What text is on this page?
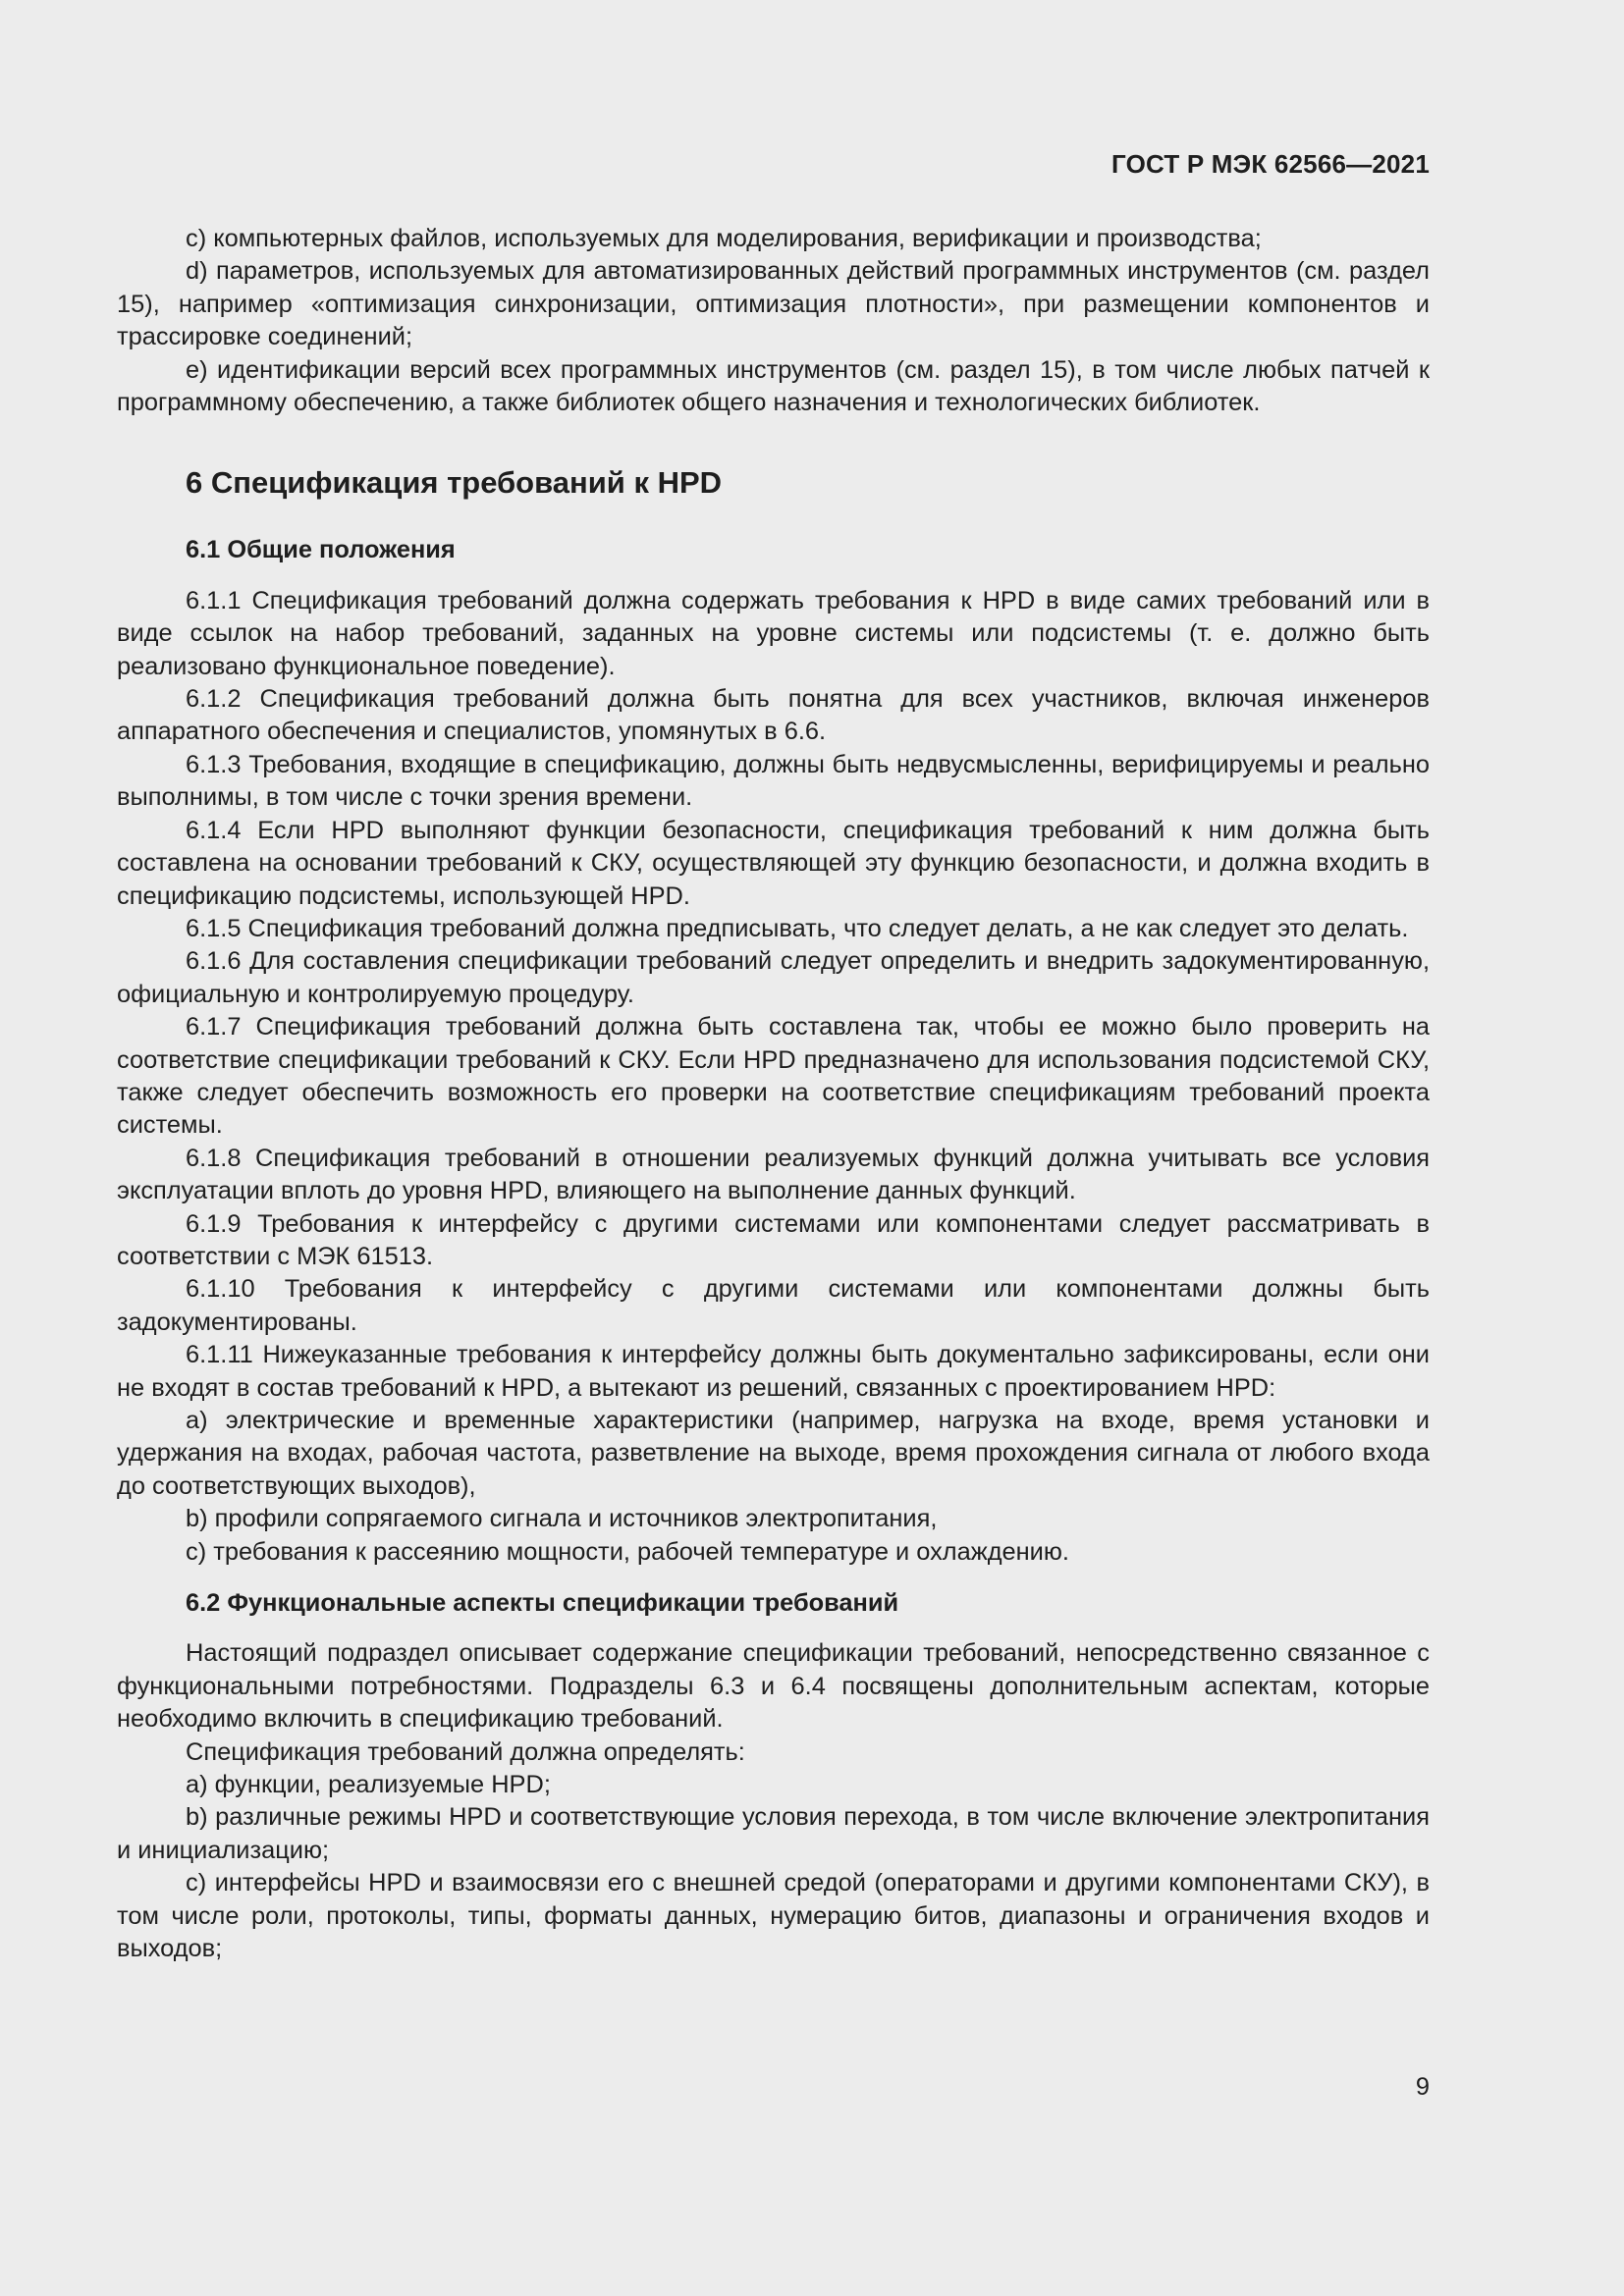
ГОСТ Р МЭК 62566—2021

с) компьютерных файлов, используемых для моделирования, верификации и производства;

d) параметров, используемых для автоматизированных действий программных инструментов (см. раздел 15), например «оптимизация синхронизации, оптимизация плотности», при размещении компонентов и трассировке соединений;

е) идентификации версий всех программных инструментов (см. раздел 15), в том числе любых патчей к программному обеспечению, а также библиотек общего назначения и технологических библиотек.

6 Спецификация требований к HPD
6.1 Общие положения

6.1.1 Спецификация требований должна содержать требования к HPD в виде самих требований или в виде ссылок на набор требований, заданных на уровне системы или подсистемы (т. е. должно быть реализовано функциональное поведение).

6.1.2 Спецификация требований должна быть понятна для всех участников, включая инженеров аппаратного обеспечения и специалистов, упомянутых в 6.6.

6.1.3 Требования, входящие в спецификацию, должны быть недвусмысленны, верифицируемы и реально выполнимы, в том числе с точки зрения времени.

6.1.4 Если HPD выполняют функции безопасности, спецификация требований к ним должна быть составлена на основании требований к СКУ, осуществляющей эту функцию безопасности, и должна входить в спецификацию подсистемы, использующей HPD.

6.1.5 Спецификация требований должна предписывать, что следует делать, а не как следует это делать.

6.1.6 Для составления спецификации требований следует определить и внедрить задокументированную, официальную и контролируемую процедуру.

6.1.7 Спецификация требований должна быть составлена так, чтобы ее можно было проверить на соответствие спецификации требований к СКУ. Если HPD предназначено для использования подсистемой СКУ, также следует обеспечить возможность его проверки на соответствие спецификациям требований проекта системы.

6.1.8 Спецификация требований в отношении реализуемых функций должна учитывать все условия эксплуатации вплоть до уровня HPD, влияющего на выполнение данных функций.

6.1.9 Требования к интерфейсу с другими системами или компонентами следует рассматривать в соответствии с МЭК 61513.

6.1.10 Требования к интерфейсу с другими системами или компонентами должны быть задокументированы.

6.1.11 Нижеуказанные требования к интерфейсу должны быть документально зафиксированы, если они не входят в состав требований к HPD, а вытекают из решений, связанных с проектированием HPD:

а) электрические и временные характеристики (например, нагрузка на входе, время установки и удержания на входах, рабочая частота, разветвление на выходе, время прохождения сигнала от любого входа до соответствующих выходов),

b) профили сопрягаемого сигнала и источников электропитания,

с) требования к рассеянию мощности, рабочей температуре и охлаждению.

6.2 Функциональные аспекты спецификации требований

Настоящий подраздел описывает содержание спецификации требований, непосредственно связанное с функциональными потребностями. Подразделы 6.3 и 6.4 посвящены дополнительным аспектам, которые необходимо включить в спецификацию требований.

Спецификация требований должна определять:

а) функции, реализуемые HPD;

b) различные режимы HPD и соответствующие условия перехода, в том числе включение электропитания и инициализацию;

с) интерфейсы HPD и взаимосвязи его с внешней средой (операторами и другими компонентами СКУ), в том числе роли, протоколы, типы, форматы данных, нумерацию битов, диапазоны и ограничения входов и выходов;

9
